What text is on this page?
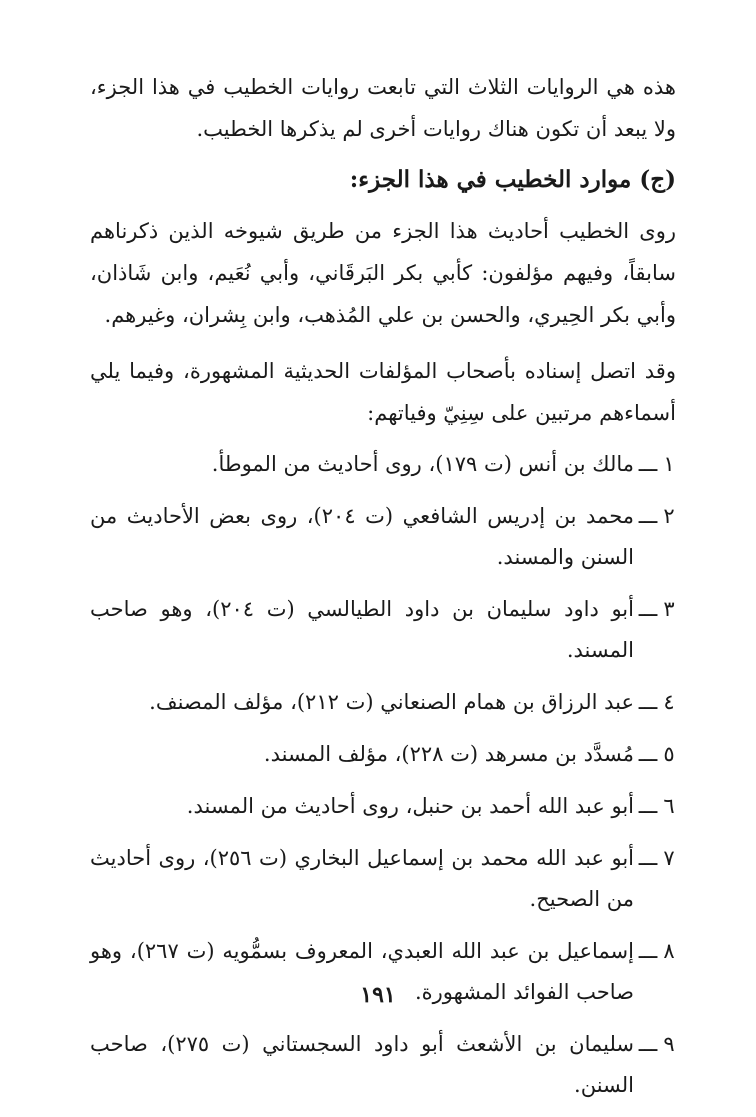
هذه هي الروايات الثلاث التي تابعت روايات الخطيب في هذا الجزء، ولا يبعد أن تكون هناك روايات أخرى لم يذكرها الخطيب.

(ج) موارد الخطيب في هذا الجزء:

روى الخطيب أحاديث هذا الجزء من طريق شيوخه الذين ذكرناهم سابقاً، وفيهم مؤلفون: كأبي بكر البَرقَاني، وأبي نُعَيم، وابن شَاذان، وأبي بكر الحِيري، والحسن بن علي المُذهب، وابن بِشران، وغيرهم.

وقد اتصل إسناده بأصحاب المؤلفات الحديثية المشهورة، وفيما يلي أسماءهم مرتبين على سِنِيّ وفياتهم:

١
ـــ
مالك بن أنس (ت ١٧٩)، روى أحاديث من الموطأ.
٢
ـــ
محمد بن إدريس الشافعي (ت ٢٠٤)، روى بعض الأحاديث من السنن والمسند.
٣
ـــ
أبو داود سليمان بن داود الطيالسي (ت ٢٠٤)، وهو صاحب المسند.
٤
ـــ
عبد الرزاق بن همام الصنعاني (ت ٢١٢)، مؤلف المصنف.
٥
ـــ
مُسدَّد بن مسرهد (ت ٢٢٨)، مؤلف المسند.
٦
ـــ
أبو عبد الله أحمد بن حنبل، روى أحاديث من المسند.
٧
ـــ
أبو عبد الله محمد بن إسماعيل البخاري (ت ٢٥٦)، روى أحاديث من الصحيح.
٨
ـــ
إسماعيل بن عبد الله العبدي، المعروف بسمُّويه (ت ٢٦٧)، وهو صاحب الفوائد المشهورة.
٩
ـــ
سليمان بن الأشعث أبو داود السجستاني (ت ٢٧٥)، صاحب السنن.
١٩١
